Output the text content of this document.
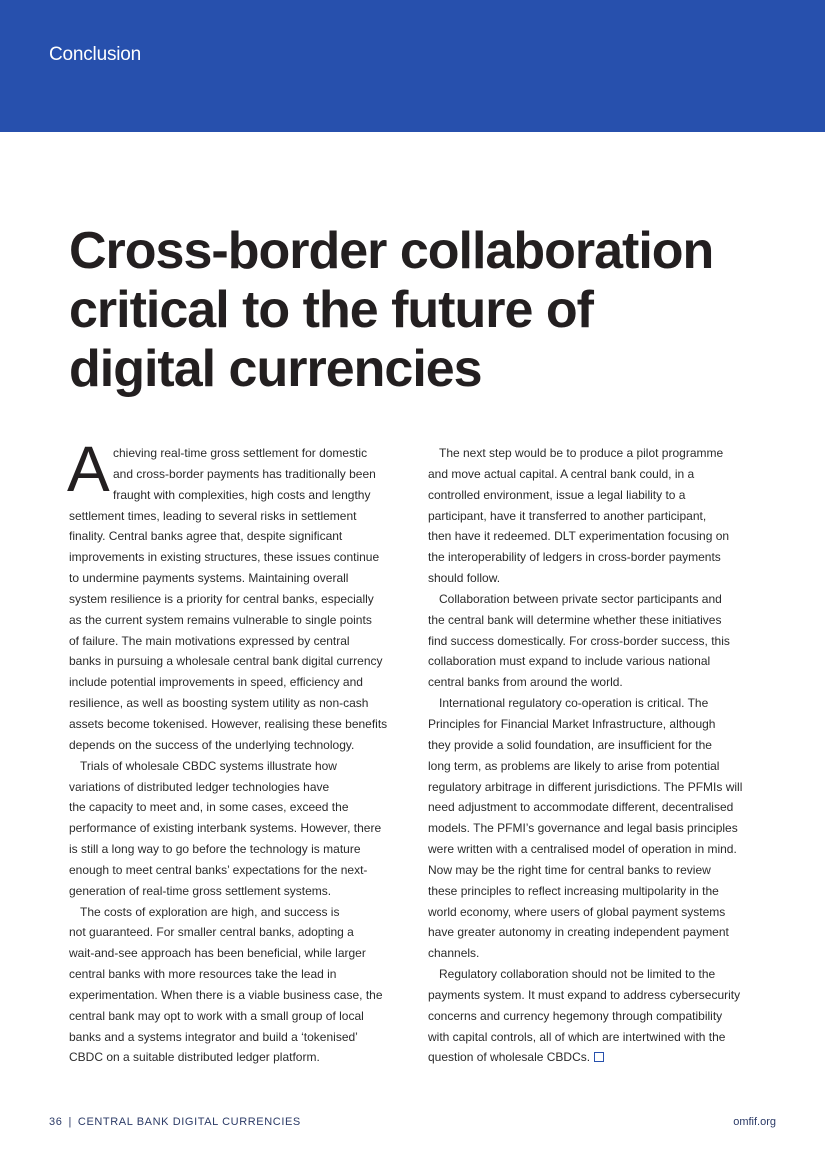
Conclusion
Cross-border collaboration
critical to the future of
digital currencies
A chieving real-time gross settlement for domestic
and cross-border payments has traditionally been
fraught with complexities, high costs and lengthy
settlement times, leading to several risks in settlement
finality. Central banks agree that, despite significant
improvements in existing structures, these issues continue
to undermine payments systems. Maintaining overall
system resilience is a priority for central banks, especially
as the current system remains vulnerable to single points
of failure. The main motivations expressed by central
banks in pursuing a wholesale central bank digital currency
include potential improvements in speed, efficiency and
resilience, as well as boosting system utility as non-cash
assets become tokenised. However, realising these benefits
depends on the success of the underlying technology.
Trials of wholesale CBDC systems illustrate how
variations of distributed ledger technologies have
the capacity to meet and, in some cases, exceed the
performance of existing interbank systems. However, there
is still a long way to go before the technology is mature
enough to meet central banks’ expectations for the next-
generation of real-time gross settlement systems.
The costs of exploration are high, and success is
not guaranteed. For smaller central banks, adopting a
wait-and-see approach has been beneficial, while larger
central banks with more resources take the lead in
experimentation. When there is a viable business case, the
central bank may opt to work with a small group of local
banks and a systems integrator and build a ‘tokenised’
CBDC on a suitable distributed ledger platform.
The next step would be to produce a pilot programme
and move actual capital. A central bank could, in a
controlled environment, issue a legal liability to a
participant, have it transferred to another participant,
then have it redeemed. DLT experimentation focusing on
the interoperability of ledgers in cross-border payments
should follow.
Collaboration between private sector participants and
the central bank will determine whether these initiatives
find success domestically. For cross-border success, this
collaboration must expand to include various national
central banks from around the world.
International regulatory co-operation is critical. The
Principles for Financial Market Infrastructure, although
they provide a solid foundation, are insufficient for the
long term, as problems are likely to arise from potential
regulatory arbitrage in different jurisdictions. The PFMIs will
need adjustment to accommodate different, decentralised
models. The PFMI’s governance and legal basis principles
were written with a centralised model of operation in mind.
Now may be the right time for central banks to review
these principles to reflect increasing multipolarity in the
world economy, where users of global payment systems
have greater autonomy in creating independent payment
channels.
Regulatory collaboration should not be limited to the
payments system. It must expand to address cybersecurity
concerns and currency hegemony through compatibility
with capital controls, all of which are intertwined with the
question of wholesale CBDCs.
36 | CENTRAL BANK DIGITAL CURRENCIES	omfif.org
